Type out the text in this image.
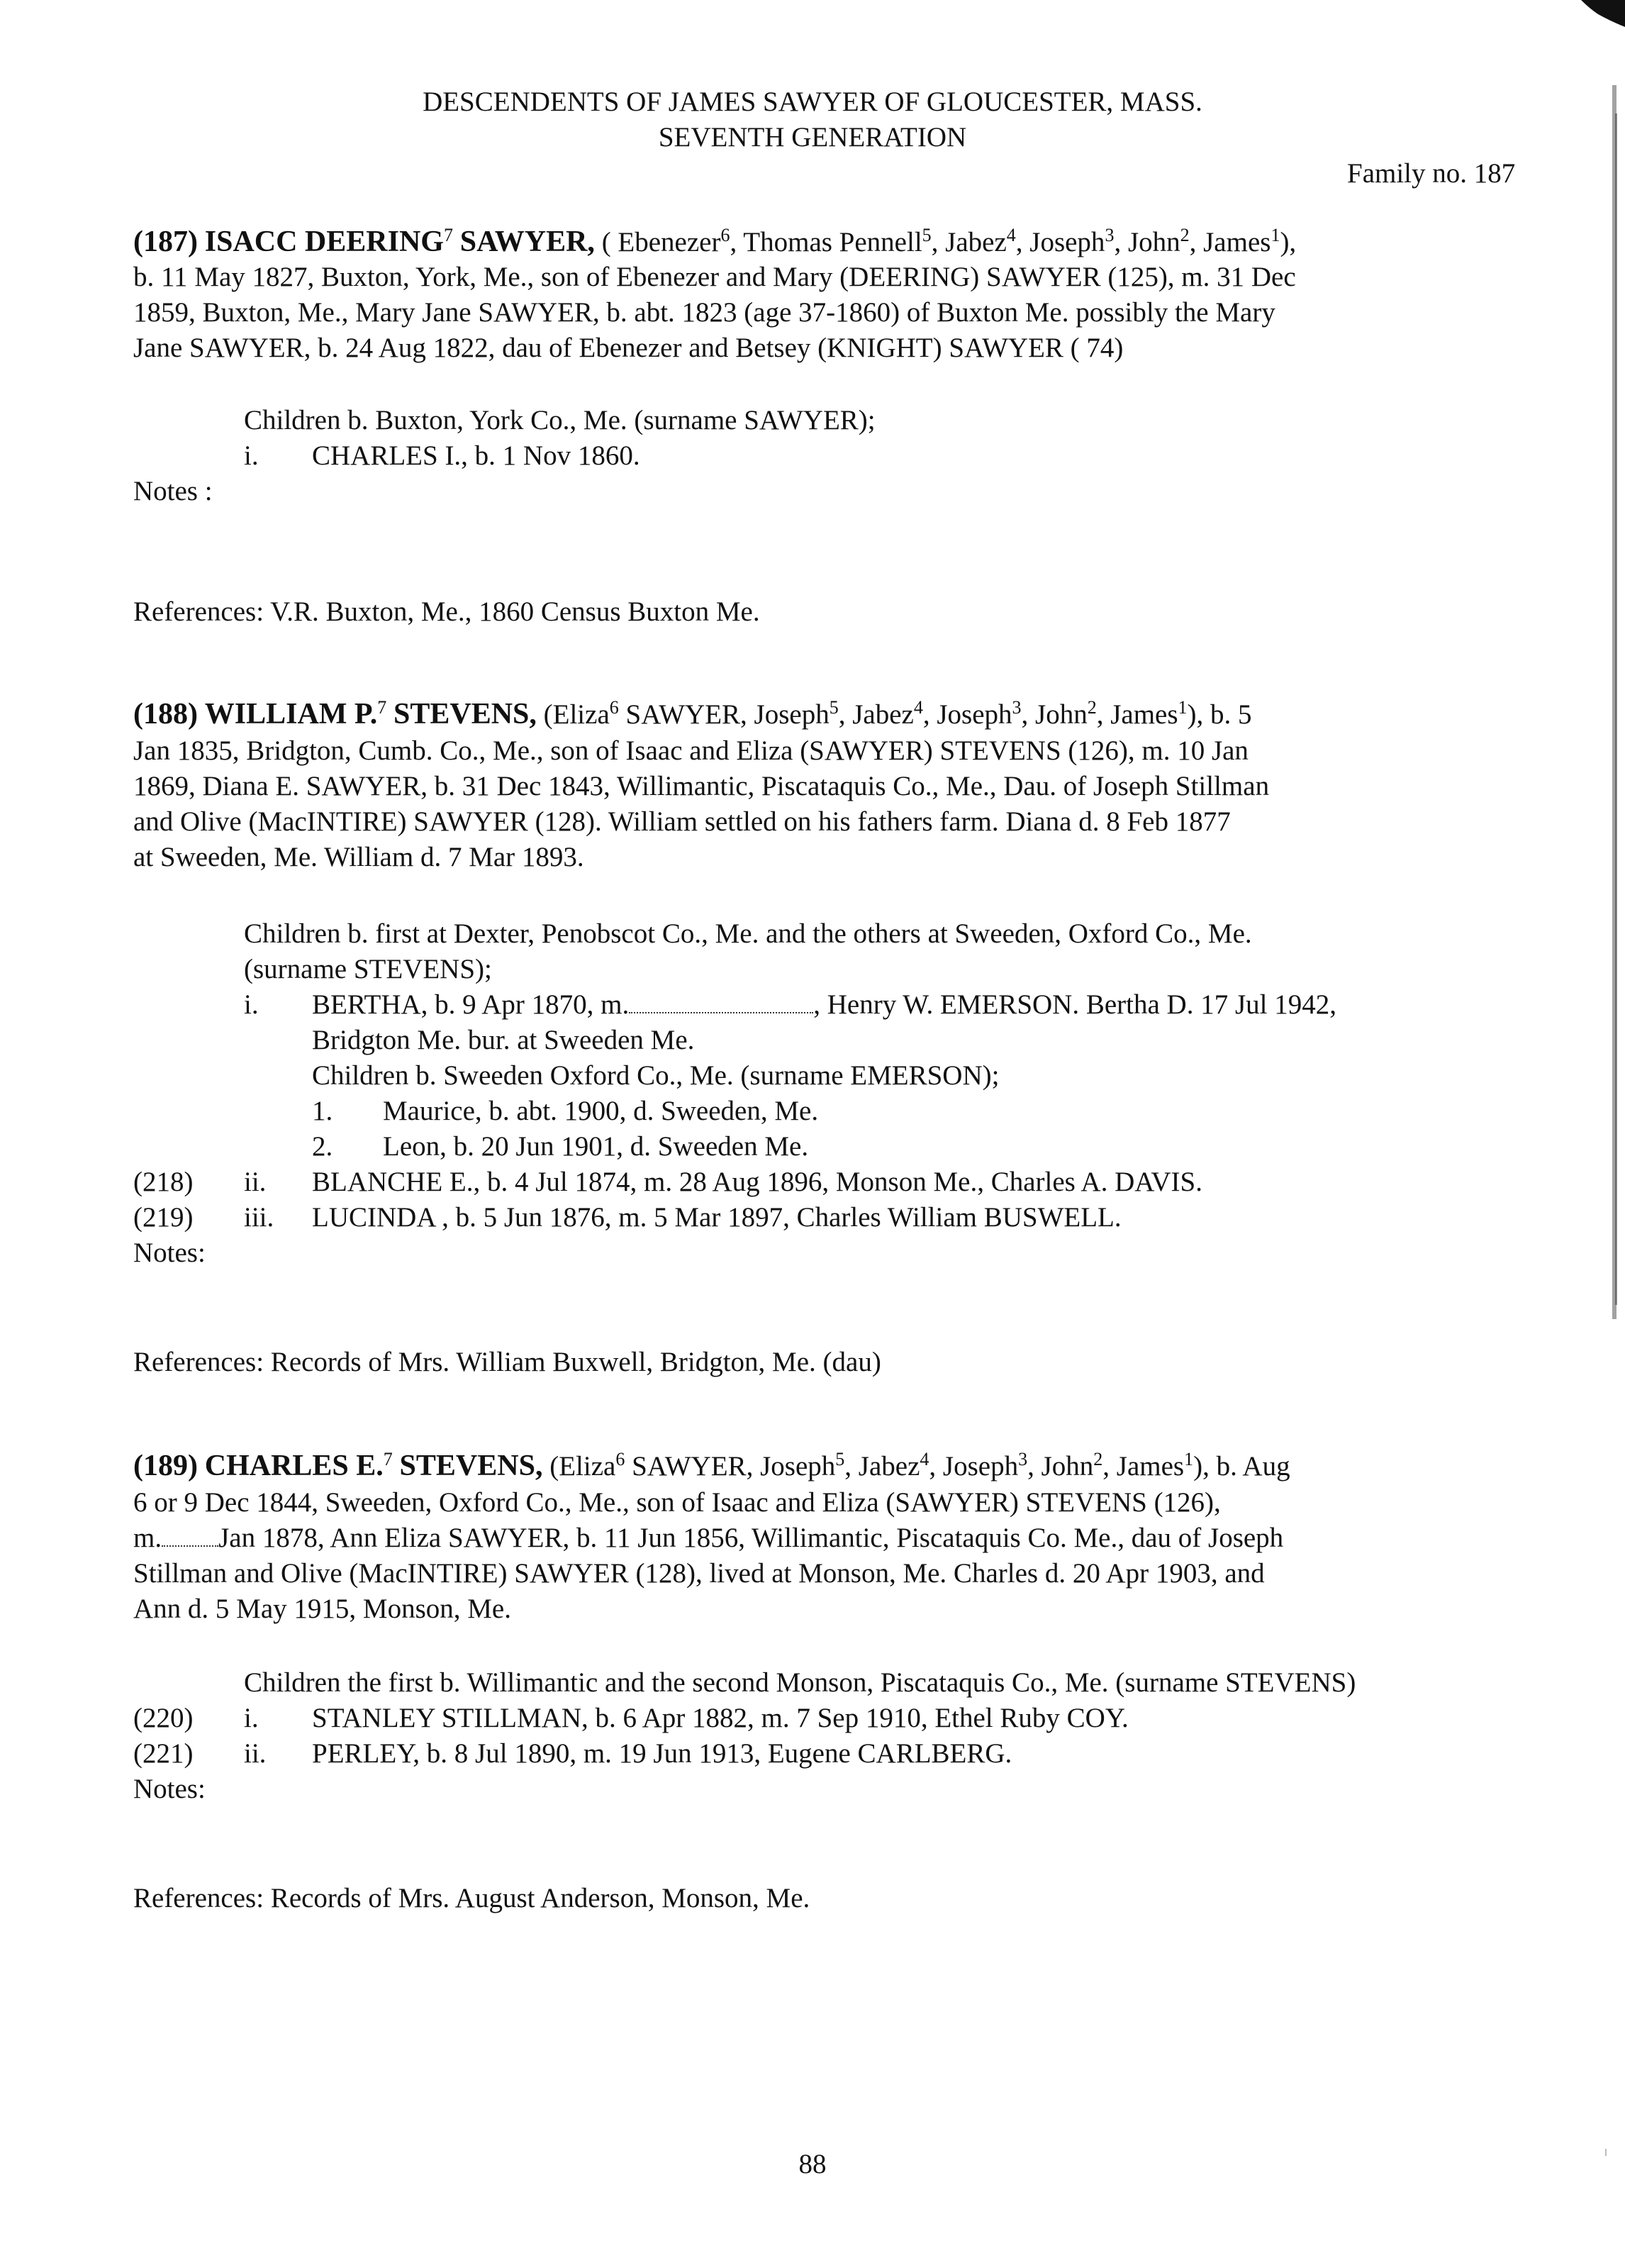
DESCENDENTS OF JAMES SAWYER OF GLOUCESTER, MASS.
SEVENTH GENERATION
Family no. 187
(187) ISACC DEERING$^7$ SAWYER, ( Ebenezer$^6$, Thomas Pennell$^5$, Jabez$^4$, Joseph$^3$, John$^2$, James$^1$),
b. 11 May 1827, Buxton, York, Me., son of Ebenezer and Mary (DEERING) SAWYER (125), m. 31 Dec
1859, Buxton, Me., Mary Jane SAWYER, b. abt. 1823 (age 37-1860) of Buxton Me. possibly the Mary
Jane SAWYER, b. 24 Aug 1822, dau of Ebenezer and Betsey (KNIGHT) SAWYER ( 74)
Children b. Buxton, York Co., Me. (surname SAWYER);
i. CHARLES I., b. 1 Nov 1860.
Notes :
References: V.R. Buxton, Me., 1860 Census Buxton Me.
(188) WILLIAM P.$^7$ STEVENS, (Eliza$^6$ SAWYER, Joseph$^5$, Jabez$^4$, Joseph$^3$, John$^2$, James$^1$), b. 5
Jan 1835, Bridgton, Cumb. Co., Me., son of Isaac and Eliza (SAWYER) STEVENS (126), m. 10 Jan
1869, Diana E. SAWYER, b. 31 Dec 1843, Willimantic, Piscataquis Co., Me., Dau. of Joseph Stillman
and Olive (MacINTIRE) SAWYER (128). William settled on his fathers farm. Diana d. 8 Feb 1877
at Sweeden, Me. William d. 7 Mar 1893.
Children b. first at Dexter, Penobscot Co., Me. and the others at Sweeden, Oxford Co., Me.
(surname STEVENS);
i. BERTHA, b. 9 Apr 1870, m.	, Henry W. EMERSON. Bertha D. 17 Jul 1942,
Bridgton Me. bur. at Sweeden Me.
Children b. Sweeden Oxford Co., Me. (surname EMERSON);
1. Maurice, b. abt. 1900, d. Sweeden, Me.
2. Leon, b. 20 Jun 1901, d. Sweeden Me.
(218) ii. BLANCHE E., b. 4 Jul 1874, m. 28 Aug 1896, Monson Me., Charles A. DAVIS.
(219) iii. LUCINDA , b. 5 Jun 1876, m. 5 Mar 1897, Charles William BUSWELL.
Notes:
References: Records of Mrs. William Buxwell, Bridgton, Me. (dau)
(189) CHARLES E.$^7$ STEVENS, (Eliza$^6$ SAWYER, Joseph$^5$, Jabez$^4$, Joseph$^3$, John$^2$, James$^1$), b. Aug
6 or 9 Dec 1844, Sweeden, Oxford Co., Me., son of Isaac and Eliza (SAWYER) STEVENS (126),
m. Jan 1878, Ann Eliza SAWYER, b. 11 Jun 1856, Willimantic, Piscataquis Co. Me., dau of Joseph
Stillman and Olive (MacINTIRE) SAWYER (128), lived at Monson, Me. Charles d. 20 Apr 1903, and
Ann d. 5 May 1915, Monson, Me.
Children the first b. Willimantic and the second Monson, Piscataquis Co., Me. (surname STEVENS)
(220) i. STANLEY STILLMAN, b. 6 Apr 1882, m. 7 Sep 1910, Ethel Ruby COY.
(221) ii. PERLEY, b. 8 Jul 1890, m. 19 Jun 1913, Eugene CARLBERG.
Notes:
References: Records of Mrs. August Anderson, Monson, Me.
88
